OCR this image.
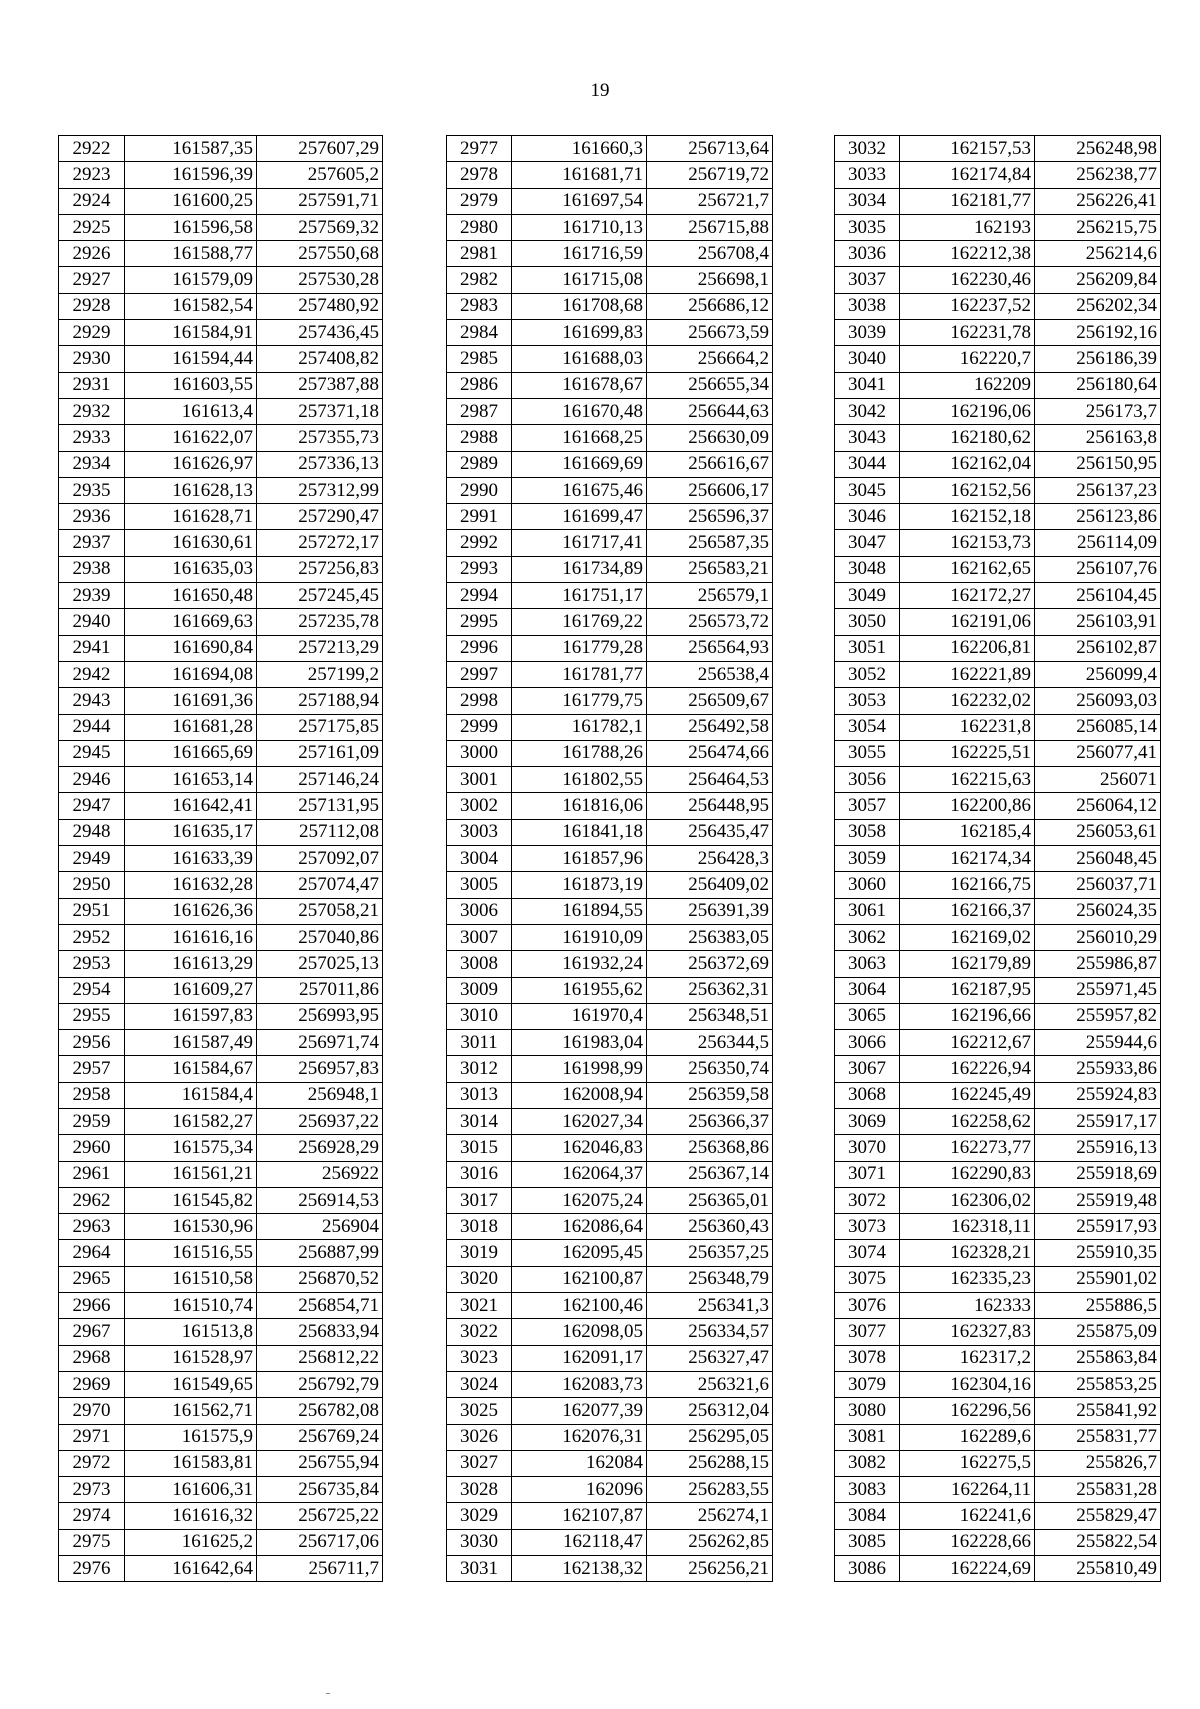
19
2922	161587,35	257607,29
2923	161596,39	257605,2
2924	161600,25	257591,71
2925	161596,58	257569,32
2926	161588,77	257550,68
2927	161579,09	257530,28
2928	161582,54	257480,92
2929	161584,91	257436,45
2930	161594,44	257408,82
2931	161603,55	257387,88
2932	161613,4	257371,18
2933	161622,07	257355,73
2934	161626,97	257336,13
2935	161628,13	257312,99
2936	161628,71	257290,47
2937	161630,61	257272,17
2938	161635,03	257256,83
2939	161650,48	257245,45
2940	161669,63	257235,78
2941	161690,84	257213,29
2942	161694,08	257199,2
2943	161691,36	257188,94
2944	161681,28	257175,85
2945	161665,69	257161,09
2946	161653,14	257146,24
2947	161642,41	257131,95
2948	161635,17	257112,08
2949	161633,39	257092,07
2950	161632,28	257074,47
2951	161626,36	257058,21
2952	161616,16	257040,86
2953	161613,29	257025,13
2954	161609,27	257011,86
2955	161597,83	256993,95
2956	161587,49	256971,74
2957	161584,67	256957,83
2958	161584,4	256948,1
2959	161582,27	256937,22
2960	161575,34	256928,29
2961	161561,21	256922
2962	161545,82	256914,53
2963	161530,96	256904
2964	161516,55	256887,99
2965	161510,58	256870,52
2966	161510,74	256854,71
2967	161513,8	256833,94
2968	161528,97	256812,22
2969	161549,65	256792,79
2970	161562,71	256782,08
2971	161575,9	256769,24
2972	161583,81	256755,94
2973	161606,31	256735,84
2974	161616,32	256725,22
2975	161625,2	256717,06
2976	161642,64	256711,7
2977	161660,3	256713,64
2978	161681,71	256719,72
2979	161697,54	256721,7
2980	161710,13	256715,88
2981	161716,59	256708,4
2982	161715,08	256698,1
2983	161708,68	256686,12
2984	161699,83	256673,59
2985	161688,03	256664,2
2986	161678,67	256655,34
2987	161670,48	256644,63
2988	161668,25	256630,09
2989	161669,69	256616,67
2990	161675,46	256606,17
2991	161699,47	256596,37
2992	161717,41	256587,35
2993	161734,89	256583,21
2994	161751,17	256579,1
2995	161769,22	256573,72
2996	161779,28	256564,93
2997	161781,77	256538,4
2998	161779,75	256509,67
2999	161782,1	256492,58
3000	161788,26	256474,66
3001	161802,55	256464,53
3002	161816,06	256448,95
3003	161841,18	256435,47
3004	161857,96	256428,3
3005	161873,19	256409,02
3006	161894,55	256391,39
3007	161910,09	256383,05
3008	161932,24	256372,69
3009	161955,62	256362,31
3010	161970,4	256348,51
3011	161983,04	256344,5
3012	161998,99	256350,74
3013	162008,94	256359,58
3014	162027,34	256366,37
3015	162046,83	256368,86
3016	162064,37	256367,14
3017	162075,24	256365,01
3018	162086,64	256360,43
3019	162095,45	256357,25
3020	162100,87	256348,79
3021	162100,46	256341,3
3022	162098,05	256334,57
3023	162091,17	256327,47
3024	162083,73	256321,6
3025	162077,39	256312,04
3026	162076,31	256295,05
3027	162084	256288,15
3028	162096	256283,55
3029	162107,87	256274,1
3030	162118,47	256262,85
3031	162138,32	256256,21
3032	162157,53	256248,98
3033	162174,84	256238,77
3034	162181,77	256226,41
3035	162193	256215,75
3036	162212,38	256214,6
3037	162230,46	256209,84
3038	162237,52	256202,34
3039	162231,78	256192,16
3040	162220,7	256186,39
3041	162209	256180,64
3042	162196,06	256173,7
3043	162180,62	256163,8
3044	162162,04	256150,95
3045	162152,56	256137,23
3046	162152,18	256123,86
3047	162153,73	256114,09
3048	162162,65	256107,76
3049	162172,27	256104,45
3050	162191,06	256103,91
3051	162206,81	256102,87
3052	162221,89	256099,4
3053	162232,02	256093,03
3054	162231,8	256085,14
3055	162225,51	256077,41
3056	162215,63	256071
3057	162200,86	256064,12
3058	162185,4	256053,61
3059	162174,34	256048,45
3060	162166,75	256037,71
3061	162166,37	256024,35
3062	162169,02	256010,29
3063	162179,89	255986,87
3064	162187,95	255971,45
3065	162196,66	255957,82
3066	162212,67	255944,6
3067	162226,94	255933,86
3068	162245,49	255924,83
3069	162258,62	255917,17
3070	162273,77	255916,13
3071	162290,83	255918,69
3072	162306,02	255919,48
3073	162318,11	255917,93
3074	162328,21	255910,35
3075	162335,23	255901,02
3076	162333	255886,5
3077	162327,83	255875,09
3078	162317,2	255863,84
3079	162304,16	255853,25
3080	162296,56	255841,92
3081	162289,6	255831,77
3082	162275,5	255826,7
3083	162264,11	255831,28
3084	162241,6	255829,47
3085	162228,66	255822,54
3086	162224,69	255810,49
